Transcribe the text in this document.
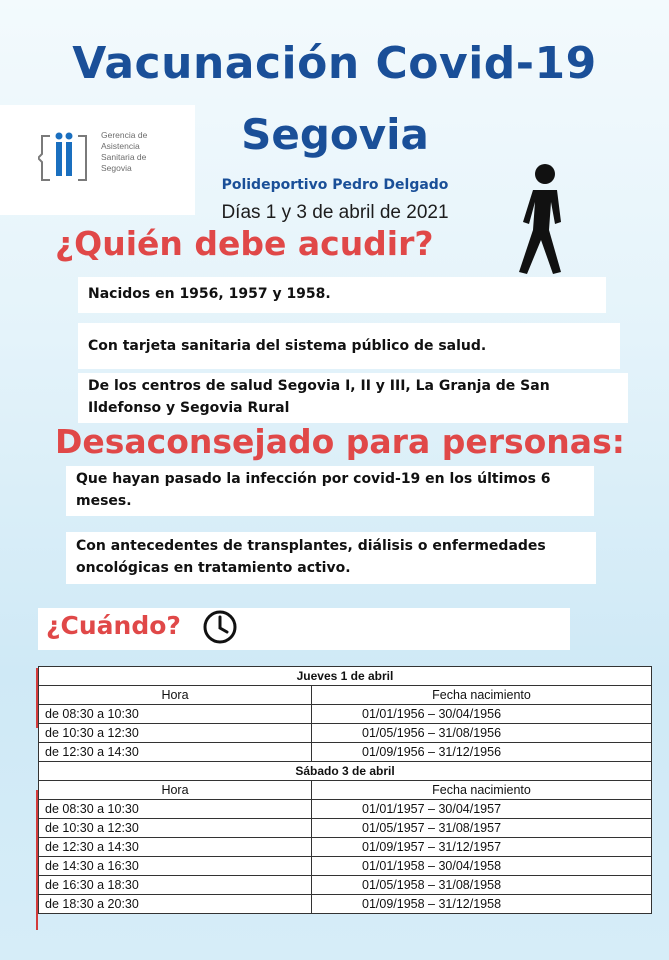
Vacunación Covid-19
Gerencia de
Asistencia
Sanitaria de
Segovia
Segovia
Polideportivo Pedro Delgado
Días 1 y 3 de abril de 2021
¿Quién debe acudir?
Nacidos en 1956, 1957 y 1958.
Con tarjeta sanitaria del sistema público de salud.
De los centros de salud Segovia I, II y III, La Granja de San Ildefonso y Segovia Rural
Desaconsejado para personas:
Que hayan pasado la infección por covid-19 en los últimos 6 meses.
Con antecedentes de transplantes, diálisis o enfermedades oncológicas en tratamiento activo.
¿Cuándo?
Jueves 1 de abril	
Hora	Fecha nacimiento
de 08:30 a 10:30	01/01/1956 – 30/04/1956
de 10:30 a 12:30	01/05/1956 – 31/08/1956
de 12:30 a 14:30	01/09/1956 – 31/12/1956
Sábado 3 de abril	
Hora	Fecha nacimiento
de 08:30 a 10:30	01/01/1957 – 30/04/1957
de 10:30 a 12:30	01/05/1957 – 31/08/1957
de 12:30 a 14:30	01/09/1957 – 31/12/1957
de 14:30 a 16:30	01/01/1958 – 30/04/1958
de 16:30 a 18:30	01/05/1958 – 31/08/1958
de 18:30 a 20:30	01/09/1958 – 31/12/1958
